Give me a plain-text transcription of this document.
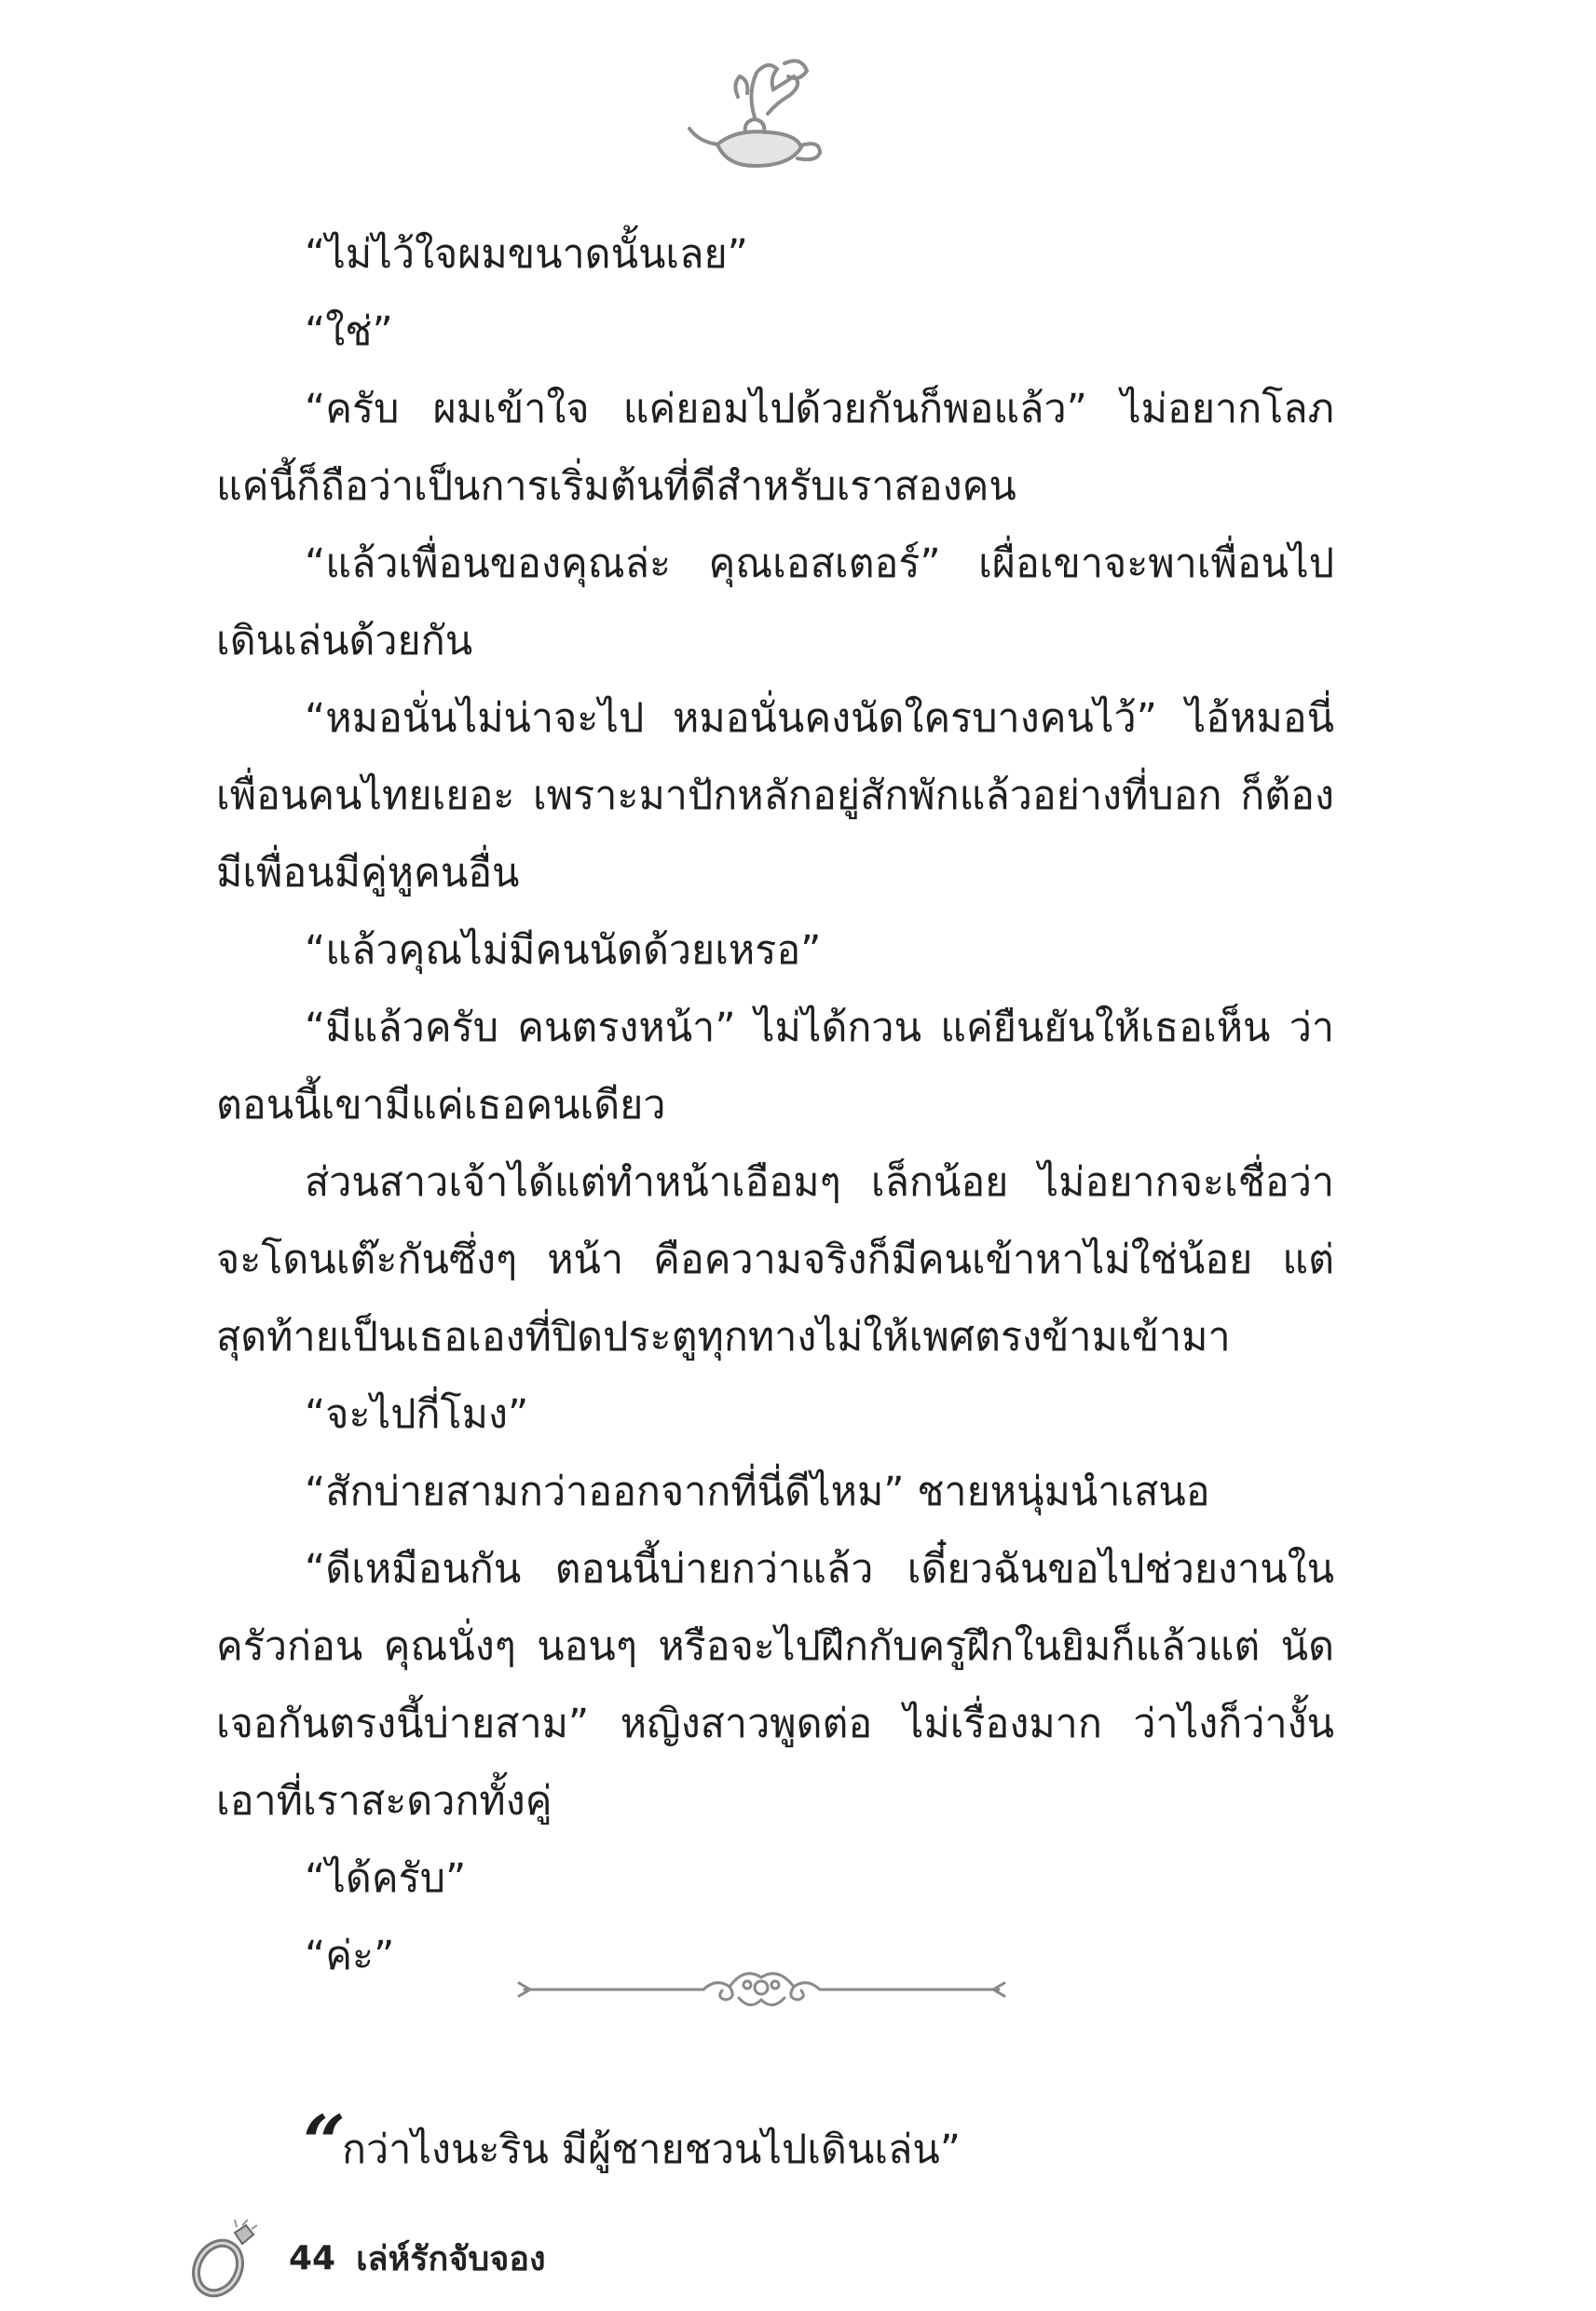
“ไม่ไว้ใจผมขนาดนั้นเลย”

“ใช่”

“ครับ ผมเข้าใจ แค่ยอมไปด้วยกันก็พอแล้ว” ไม่อยากโลภ แค่นี้ก็ถือว่าเป็นการเริ่มต้นที่ดีสำหรับเราสองคน

“แล้วเพื่อนของคุณล่ะ คุณเอสเตอร์” เผื่อเขาจะพาเพื่อนไปเดินเล่นด้วยกัน

“หมอนั่นไม่น่าจะไป หมอนั่นคงนัดใครบางคนไว้” ไอ้หมอนี่เพื่อนคนไทยเยอะ เพราะมาปักหลักอยู่สักพักแล้วอย่างที่บอก ก็ต้องมีเพื่อนมีคู่หูคนอื่น

“แล้วคุณไม่มีคนนัดด้วยเหรอ”

“มีแล้วครับ คนตรงหน้า” ไม่ได้กวน แค่ยืนยันให้เธอเห็น ว่าตอนนี้เขามีแค่เธอคนเดียว

ส่วนสาวเจ้าได้แต่ทำหน้าเอือมๆ เล็กน้อย ไม่อยากจะเชื่อว่าจะโดนเต๊ะกันซึ่งๆ หน้า คือความจริงก็มีคนเข้าหาไม่ใช่น้อย แต่สุดท้ายเป็นเธอเองที่ปิดประตูทุกทางไม่ให้เพศตรงข้ามเข้ามา

“จะไปกี่โมง”

“สักบ่ายสามกว่าออกจากที่นี่ดีไหม” ชายหนุ่มนำเสนอ

“ดีเหมือนกัน ตอนนี้บ่ายกว่าแล้ว เดี๋ยวฉันขอไปช่วยงานในครัวก่อน คุณนั่งๆ นอนๆ หรือจะไปฝึกกับครูฝึกในยิมก็แล้วแต่ นัดเจอกันตรงนี้บ่ายสาม” หญิงสาวพูดต่อ ไม่เรื่องมาก ว่าไงก็ว่างั้นเอาที่เราสะดวกทั้งคู่

“ได้ครับ”

“ค่ะ”

“กว่าไงนะริน มีผู้ชายชวนไปเดินเล่น”
44 เล่ห์รักจับจอง
